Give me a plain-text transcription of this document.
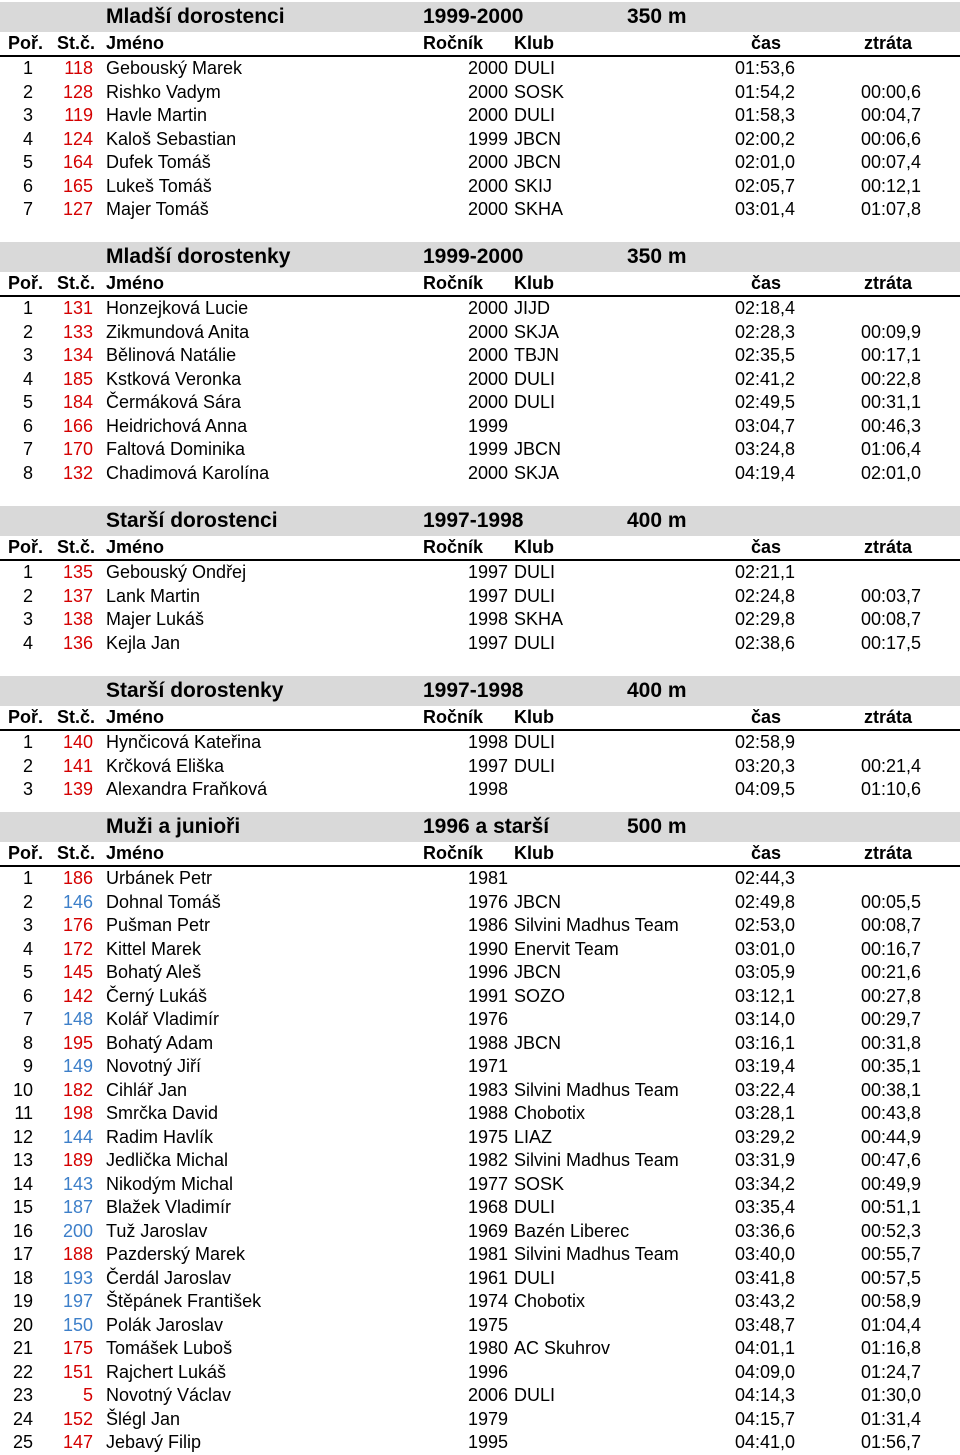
Mladší dorostenci	1999-2000	350 m
Poř. St.č. Jméno	Ročník Klub	čas	ztráta
1 118 Gebouský Marek	2000 DULI	01:53,6
2 128 Rishko Vadym	2000 SOSK	01:54,2	00:00,6
3 119 Havle Martin	2000 DULI	01:58,3	00:04,7
4 124 Kaloš Sebastian	1999 JBCN	02:00,2	00:06,6
5 164 Dufek Tomáš	2000 JBCN	02:01,0	00:07,4
6 165 Lukeš Tomáš	2000 SKIJ	02:05,7	00:12,1
7 127 Majer Tomáš	2000 SKHA	03:01,4	01:07,8
Mladší dorostenky	1999-2000	350 m
Poř. St.č. Jméno	Ročník Klub	čas	ztráta
1 131 Honzejková Lucie	2000 JIJD	02:18,4
2 133 Zikmundová Anita	2000 SKJA	02:28,3	00:09,9
3 134 Bělinová Natálie	2000 TBJN	02:35,5	00:17,1
4 185 Kstková Veronka	2000 DULI	02:41,2	00:22,8
5 184 Čermáková Sára	2000 DULI	02:49,5	00:31,1
6 166 Heidrichová Anna	1999	03:04,7	00:46,3
7 170 Faltová Dominika	1999 JBCN	03:24,8	01:06,4
8 132 Chadimová Karolína	2000 SKJA	04:19,4	02:01,0
Starší dorostenci	1997-1998	400 m
Poř. St.č. Jméno	Ročník Klub	čas	ztráta
1 135 Gebouský Ondřej	1997 DULI	02:21,1
2 137 Lank Martin	1997 DULI	02:24,8	00:03,7
3 138 Majer Lukáš	1998 SKHA	02:29,8	00:08,7
4 136 Kejla Jan	1997 DULI	02:38,6	00:17,5
Starší dorostenky	1997-1998	400 m
Poř. St.č. Jméno	Ročník Klub	čas	ztráta
1 140 Hynčicová Kateřina	1998 DULI	02:58,9
2 141 Krčková Eliška	1997 DULI	03:20,3	00:21,4
3 139 Alexandra Fraňková	1998	04:09,5	01:10,6
Muži a junioři	1996 a starší	500 m
Poř. St.č. Jméno	Ročník Klub	čas	ztráta
1 186 Urbánek Petr	1981	02:44,3
2 146 Dohnal Tomáš	1976 JBCN	02:49,8	00:05,5
3 176 Pušman Petr	1986 Silvini Madhus Team	02:53,0	00:08,7
4 172 Kittel Marek	1990 Enervit Team	03:01,0	00:16,7
5 145 Bohatý Aleš	1996 JBCN	03:05,9	00:21,6
6 142 Černý Lukáš	1991 SOZO	03:12,1	00:27,8
7 148 Kolář Vladimír	1976	03:14,0	00:29,7
8 195 Bohatý Adam	1988 JBCN	03:16,1	00:31,8
9 149 Novotný Jiří	1971	03:19,4	00:35,1
10 182 Cihlář Jan	1983 Silvini Madhus Team	03:22,4	00:38,1
11 198 Smrčka David	1988 Chobotix	03:28,1	00:43,8
12 144 Radim Havlík	1975 LIAZ	03:29,2	00:44,9
13 189 Jedlička Michal	1982 Silvini Madhus Team	03:31,9	00:47,6
14 143 Nikodým Michal	1977 SOSK	03:34,2	00:49,9
15 187 Blažek Vladimír	1968 DULI	03:35,4	00:51,1
16 200 Tuž Jaroslav	1969 Bazén Liberec	03:36,6	00:52,3
17 188 Pazderský Marek	1981 Silvini Madhus Team	03:40,0	00:55,7
18 193 Čerdál Jaroslav	1961 DULI	03:41,8	00:57,5
19 197 Štěpánek František	1974 Chobotix	03:43,2	00:58,9
20 150 Polák Jaroslav	1975	03:48,7	01:04,4
21 175 Tomášek Luboš	1980 AC Skuhrov	04:01,1	01:16,8
22 151 Rajchert Lukáš	1996	04:09,0	01:24,7
23	5 Novotný Václav	2006 DULI	04:14,3	01:30,0
24 152 Šlégl Jan	1979	04:15,7	01:31,4
25 147 Jebavý Filip	1995	04:41,0	01:56,7
